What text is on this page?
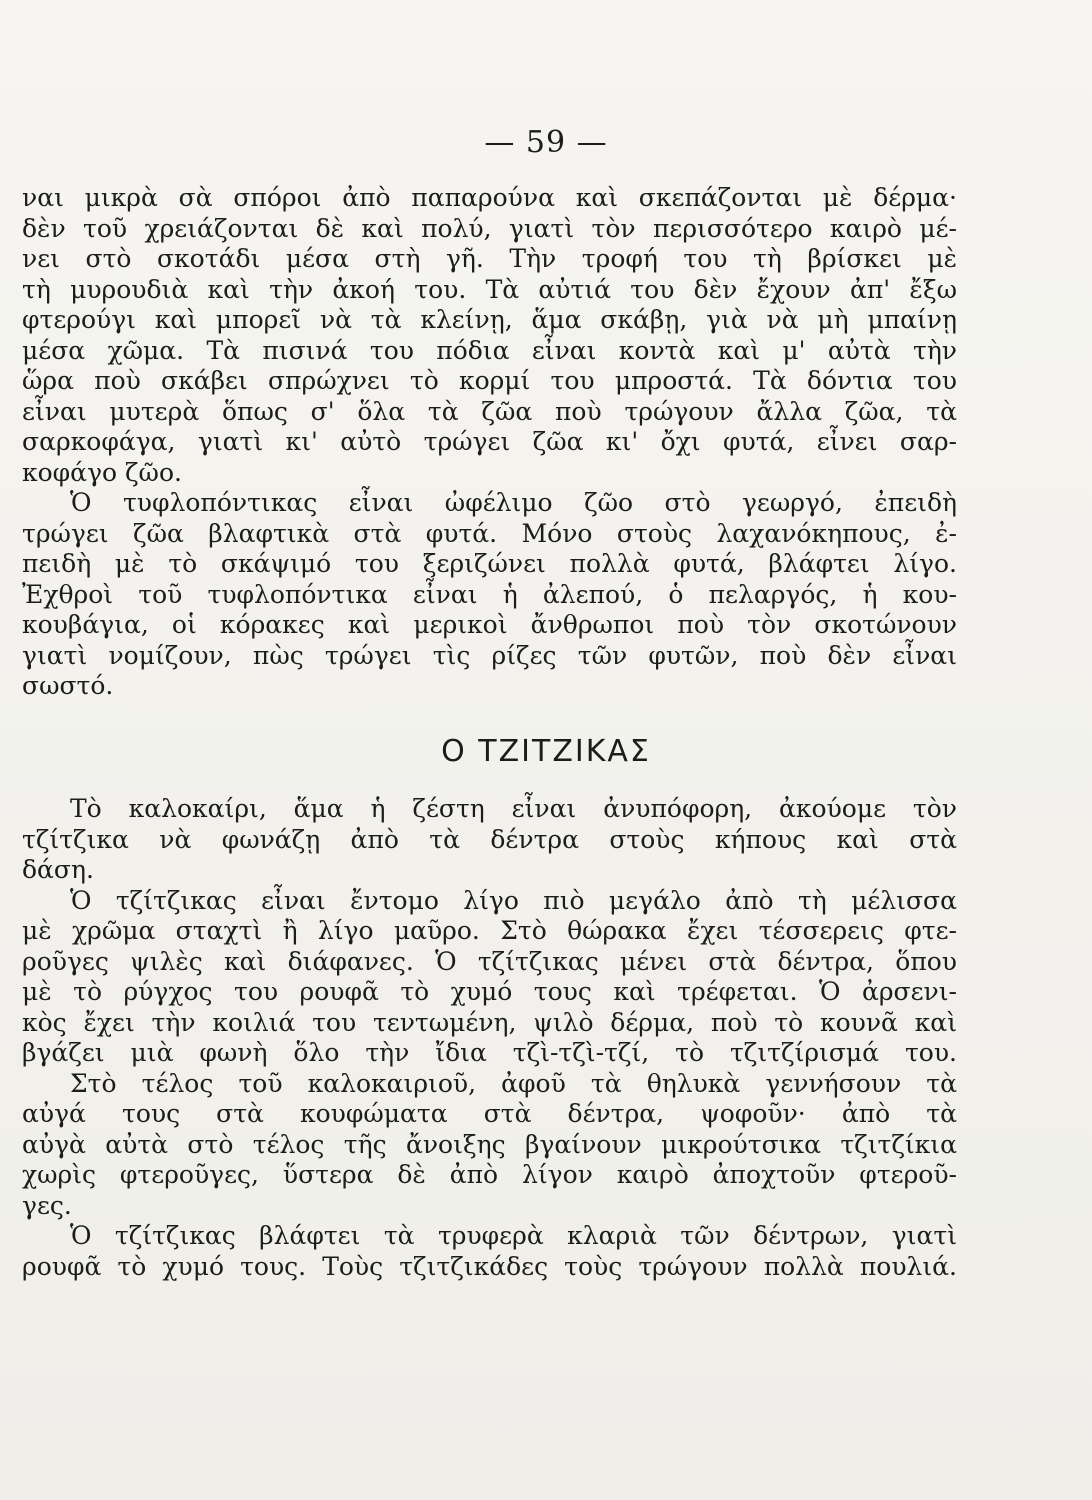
— 59 —
ναι μικρὰ σὰ σπόροι ἀπὸ παπαρούνα καὶ σκεπάζονται μὲ δέρμα·
δὲν τοῦ χρειάζονται δὲ καὶ πολύ, γιατὶ τὸν περισσότερο καιρὸ μέ-
νει στὸ σκοτάδι μέσα στὴ γῆ. Τὴν τροφή του τὴ βρίσκει μὲ
τὴ μυρουδιὰ καὶ τὴν ἀκοή του. Τὰ αὐτιά του δὲν ἔχουν ἀπ' ἔξω
φτερούγι καὶ μπορεῖ νὰ τὰ κλείνῃ, ἅμα σκάβῃ, γιὰ νὰ μὴ μπαίνῃ
μέσα χῶμα. Τὰ πισινά του πόδια εἶναι κοντὰ καὶ μ' αὐτὰ τὴν
ὥρα ποὺ σκάβει σπρώχνει τὸ κορμί του μπροστά. Τὰ δόντια του
εἶναι μυτερὰ ὅπως σ' ὅλα τὰ ζῶα ποὺ τρώγουν ἄλλα ζῶα, τὰ
σαρκοφάγα, γιατὶ κι' αὐτὸ τρώγει ζῶα κι' ὄχι φυτά, εἶνει σαρ-
κοφάγο ζῶο.
Ὁ τυφλοπόντικας εἶναι ὠφέλιμο ζῶο στὸ γεωργό, ἐπειδὴ
τρώγει ζῶα βλαφτικὰ στὰ φυτά. Μόνο στοὺς λαχανόκηπους, ἐ-
πειδὴ μὲ τὸ σκάψιμό του ξεριζώνει πολλὰ φυτά, βλάφτει λίγο.
Ἐχθροὶ τοῦ τυφλοπόντικα εἶναι ἡ ἀλεπού, ὁ πελαργός, ἡ κου-
κουβάγια, οἱ κόρακες καὶ μερικοὶ ἄνθρωποι ποὺ τὸν σκοτώνουν
γιατὶ νομίζουν, πὼς τρώγει τὶς ρίζες τῶν φυτῶν, ποὺ δὲν εἶναι
σωστό.
Ο ΤΖΙΤΖΙΚΑΣ
Τὸ καλοκαίρι, ἅμα ἡ ζέστη εἶναι ἀνυπόφορη, ἀκούομε τὸν
τζίτζικα νὰ φωνάζῃ ἀπὸ τὰ δέντρα στοὺς κήπους καὶ στὰ
δάση.
Ὁ τζίτζικας εἶναι ἔντομο λίγο πιὸ μεγάλο ἀπὸ τὴ μέλισσα
μὲ χρῶμα σταχτὶ ἢ λίγο μαῦρο. Στὸ θώρακα ἔχει τέσσερεις φτε-
ροῦγες ψιλὲς καὶ διάφανες. Ὁ τζίτζικας μένει στὰ δέντρα, ὅπου
μὲ τὸ ρύγχος του ρουφᾶ τὸ χυμό τους καὶ τρέφεται. Ὁ ἀρσενι-
κὸς ἔχει τὴν κοιλιά του τεντωμένη, ψιλὸ δέρμα, ποὺ τὸ κουνᾶ καὶ
βγάζει μιὰ φωνὴ ὅλο τὴν ἴδια τζὶ-τζὶ-τζί, τὸ τζιτζίρισμά του.
Στὸ τέλος τοῦ καλοκαιριοῦ, ἀφοῦ τὰ θηλυκὰ γεννήσουν τὰ
αὐγά τους στὰ κουφώματα στὰ δέντρα, ψοφοῦν· ἀπὸ τὰ
αὐγὰ αὐτὰ στὸ τέλος τῆς ἄνοιξης βγαίνουν μικρούτσικα τζιτζίκια
χωρὶς φτεροῦγες, ὕστερα δὲ ἀπὸ λίγον καιρὸ ἀποχτοῦν φτεροῦ-
γες.
Ὁ τζίτζικας βλάφτει τὰ τρυφερὰ κλαριὰ τῶν δέντρων, γιατὶ
ρουφᾶ τὸ χυμό τους. Τοὺς τζιτζικάδες τοὺς τρώγουν πολλὰ πουλιά.
